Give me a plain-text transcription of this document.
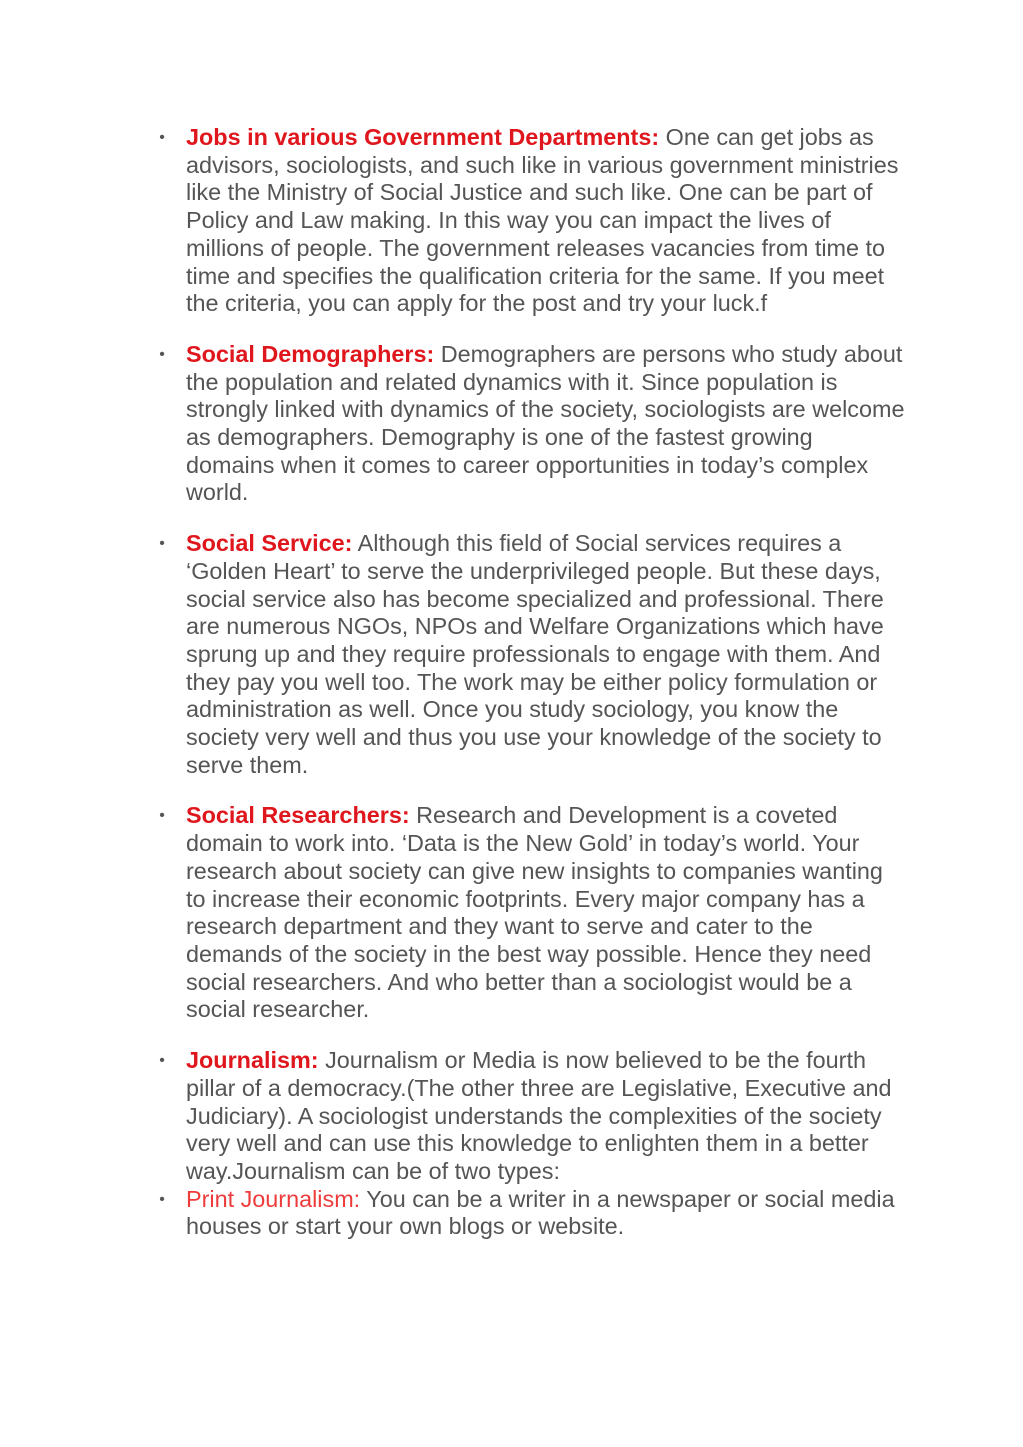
• Jobs in various Government Departments: One can get jobs as advisors, sociologists, and such like in various government ministries like the Ministry of Social Justice and such like. One can be part of Policy and Law making. In this way you can impact the lives of millions of people. The government releases vacancies from time to time and specifies the qualification criteria for the same. If you meet the criteria, you can apply for the post and try your luck.f
• Social Demographers: Demographers are persons who study about the population and related dynamics with it. Since population is strongly linked with dynamics of the society, sociologists are welcome as demographers. Demography is one of the fastest growing domains when it comes to career opportunities in today’s complex world.
• Social Service: Although this field of Social services requires a ‘Golden Heart’ to serve the underprivileged people. But these days, social service also has become specialized and professional. There are numerous NGOs, NPOs and Welfare Organizations which have sprung up and they require professionals to engage with them. And they pay you well too. The work may be either policy formulation or administration as well. Once you study sociology, you know the society very well and thus you use your knowledge of the society to serve them.
• Social Researchers: Research and Development is a coveted domain to work into. ‘Data is the New Gold’ in today’s world. Your research about society can give new insights to companies wanting to increase their economic footprints. Every major company has a research department and they want to serve and cater to the demands of the society in the best way possible. Hence they need social researchers. And who better than a sociologist would be a social researcher.
• Journalism: Journalism or Media is now believed to be the fourth pillar of a democracy.(The other three are Legislative, Executive and Judiciary). A sociologist understands the complexities of the society very well and can use this knowledge to enlighten them in a better way.Journalism can be of two types:
• Print Journalism: You can be a writer in a newspaper or social media houses or start your own blogs or website.
